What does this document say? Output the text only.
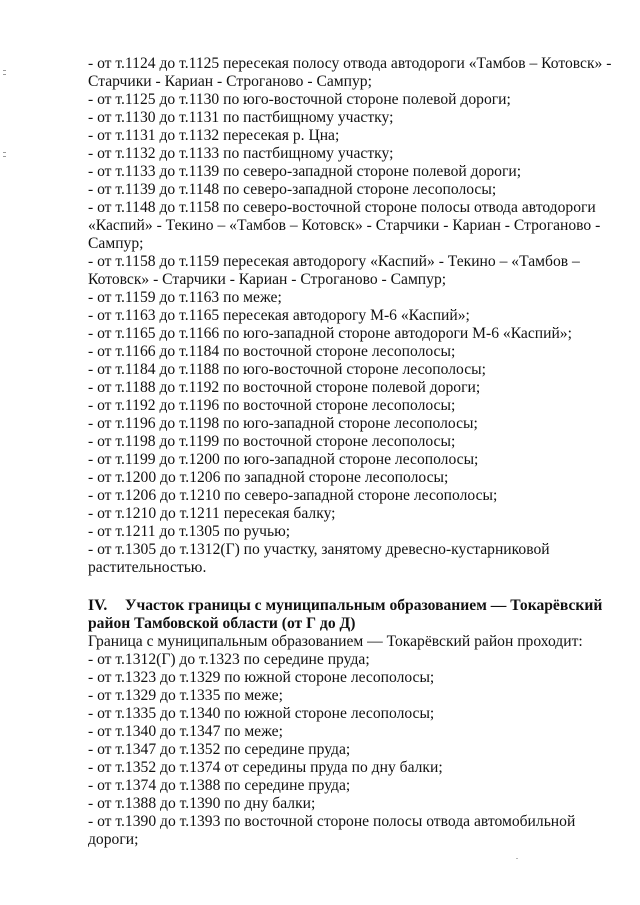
- от т.1124 до т.1125 пересекая полосу отвода автодороги «Тамбов – Котовск» -
Старчики - Кариан - Строганово - Сампур;
- от т.1125 до т.1130 по юго-восточной стороне полевой дороги;
- от т.1130 до т.1131 по пастбищному участку;
- от т.1131 до т.1132 пересекая р. Цна;
- от т.1132 до т.1133 по пастбищному участку;
- от т.1133 до т.1139 по северо-западной стороне полевой дороги;
- от т.1139 до т.1148 по северо-западной стороне лесополосы;
- от т.1148 до т.1158 по северо-восточной стороне полосы отвода автодороги
«Каспий» - Текино – «Тамбов – Котовск» - Старчики - Кариан - Строганово -
Сампур;
- от т.1158 до т.1159 пересекая автодорогу «Каспий» - Текино – «Тамбов –
Котовск» - Старчики - Кариан - Строганово - Сампур;
- от т.1159 до т.1163 по меже;
- от т.1163 до т.1165 пересекая автодорогу М-6 «Каспий»;
- от т.1165 до т.1166 по юго-западной стороне автодороги М-6 «Каспий»;
- от т.1166 до т.1184 по восточной стороне лесополосы;
- от т.1184 до т.1188 по юго-восточной стороне лесополосы;
- от т.1188 до т.1192 по восточной стороне полевой дороги;
- от т.1192 до т.1196 по восточной стороне лесополосы;
- от т.1196 до т.1198 по юго-западной стороне лесополосы;
- от т.1198 до т.1199 по восточной стороне лесополосы;
- от т.1199 до т.1200 по юго-западной стороне лесополосы;
- от т.1200 до т.1206 по западной стороне лесополосы;
- от т.1206 до т.1210 по северо-западной стороне лесополосы;
- от т.1210 до т.1211 пересекая балку;
- от т.1211 до т.1305 по ручью;
- от т.1305 до т.1312(Г) по участку, занятому древесно-кустарниковой
растительностью.
IV. Участок границы с муниципальным образованием — Токарёвский
район Тамбовской области (от Г до Д)
Граница с муниципальным образованием — Токарёвский район проходит:
- от т.1312(Г) до т.1323 по середине пруда;
- от т.1323 до т.1329 по южной стороне лесополосы;
- от т.1329 до т.1335 по меже;
- от т.1335 до т.1340 по южной стороне лесополосы;
- от т.1340 до т.1347 по меже;
- от т.1347 до т.1352 по середине пруда;
- от т.1352 до т.1374 от середины пруда по дну балки;
- от т.1374 до т.1388 по середине пруда;
- от т.1388 до т.1390 по дну балки;
- от т.1390 до т.1393 по восточной стороне полосы отвода автомобильной
дороги;
